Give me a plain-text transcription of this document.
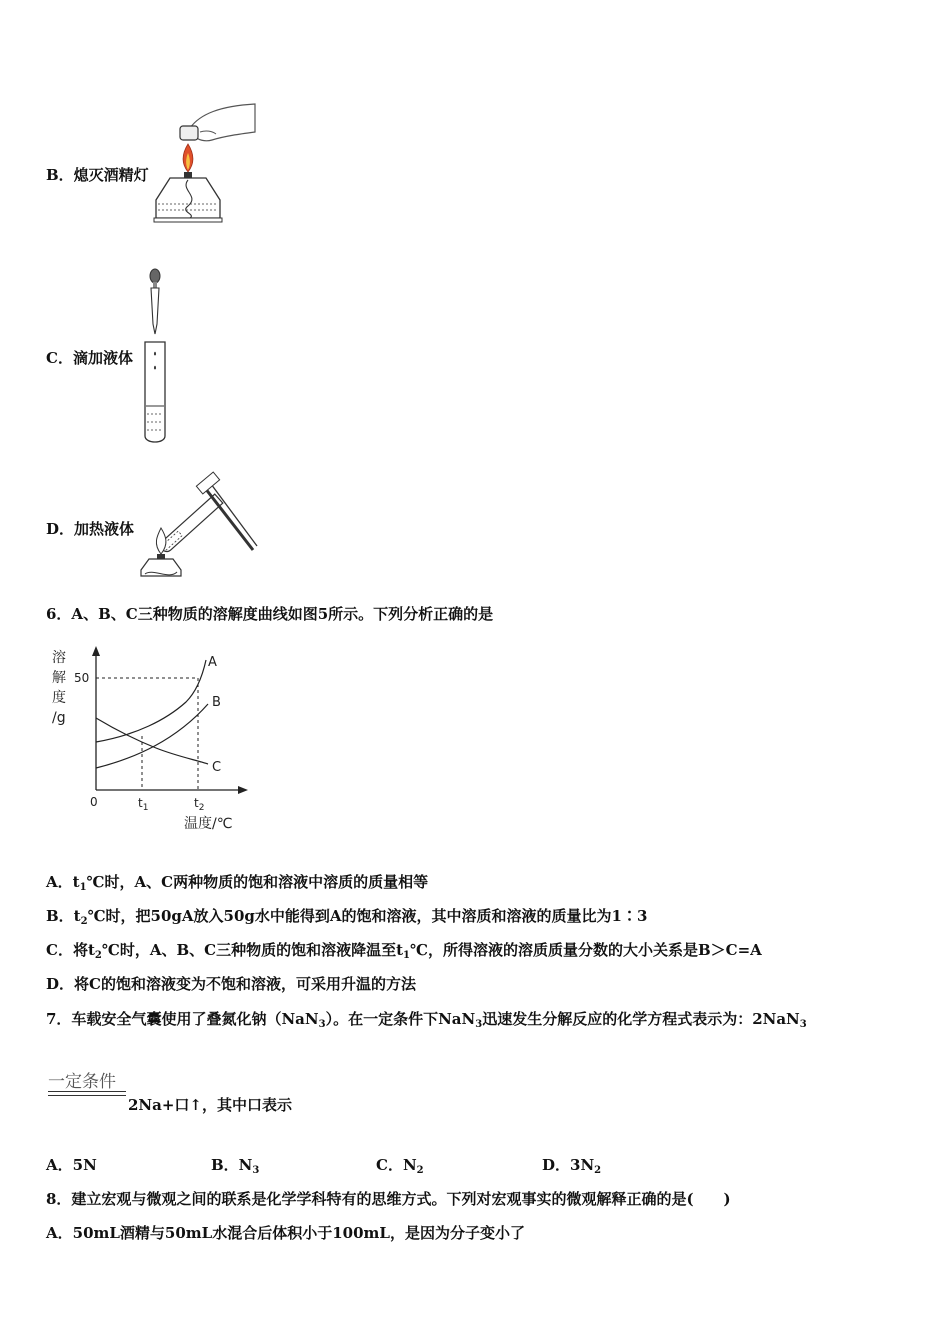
B．熄灭酒精灯
C．滴加液体
D．加热液体
6．A、B、C三种物质的溶解度曲线如图5所示。下列分析正确的是
溶
解
度
/g
0
50
$t_1$	$t_2$
温度/℃
A
B
C
A．$t_1℃$时，A、C两种物质的饱和溶液中溶质的质量相等
B．$t_2℃$时，把50gA放入50g水中能得到A的饱和溶液，其中溶质和溶液的质量比为1∶3
C．将$t_2℃$时，A、B、C三种物质的饱和溶液降温至$t_1℃$，所得溶液的溶质质量分数的大小关系是B＞C=A
D．将C的饱和溶液变为不饱和溶液，可采用升温的方法
7．车载安全气囊使用了叠氮化钠（NaN$_3$）。在一定条件下NaN$_3$迅速发生分解反应的化学方程式表示为：2NaN$_3$
一定条件
2Na+口↑，其中口表示
A．5N	B．$N_3$	C．$N_2$	D．$3N_2$
8．建立宏观与微观之间的联系是化学学科特有的思维方式。下列对宏观事实的微观解释正确的是(　　)
A．50mL酒精与50mL水混合后体积小于100mL，是因为分子变小了
